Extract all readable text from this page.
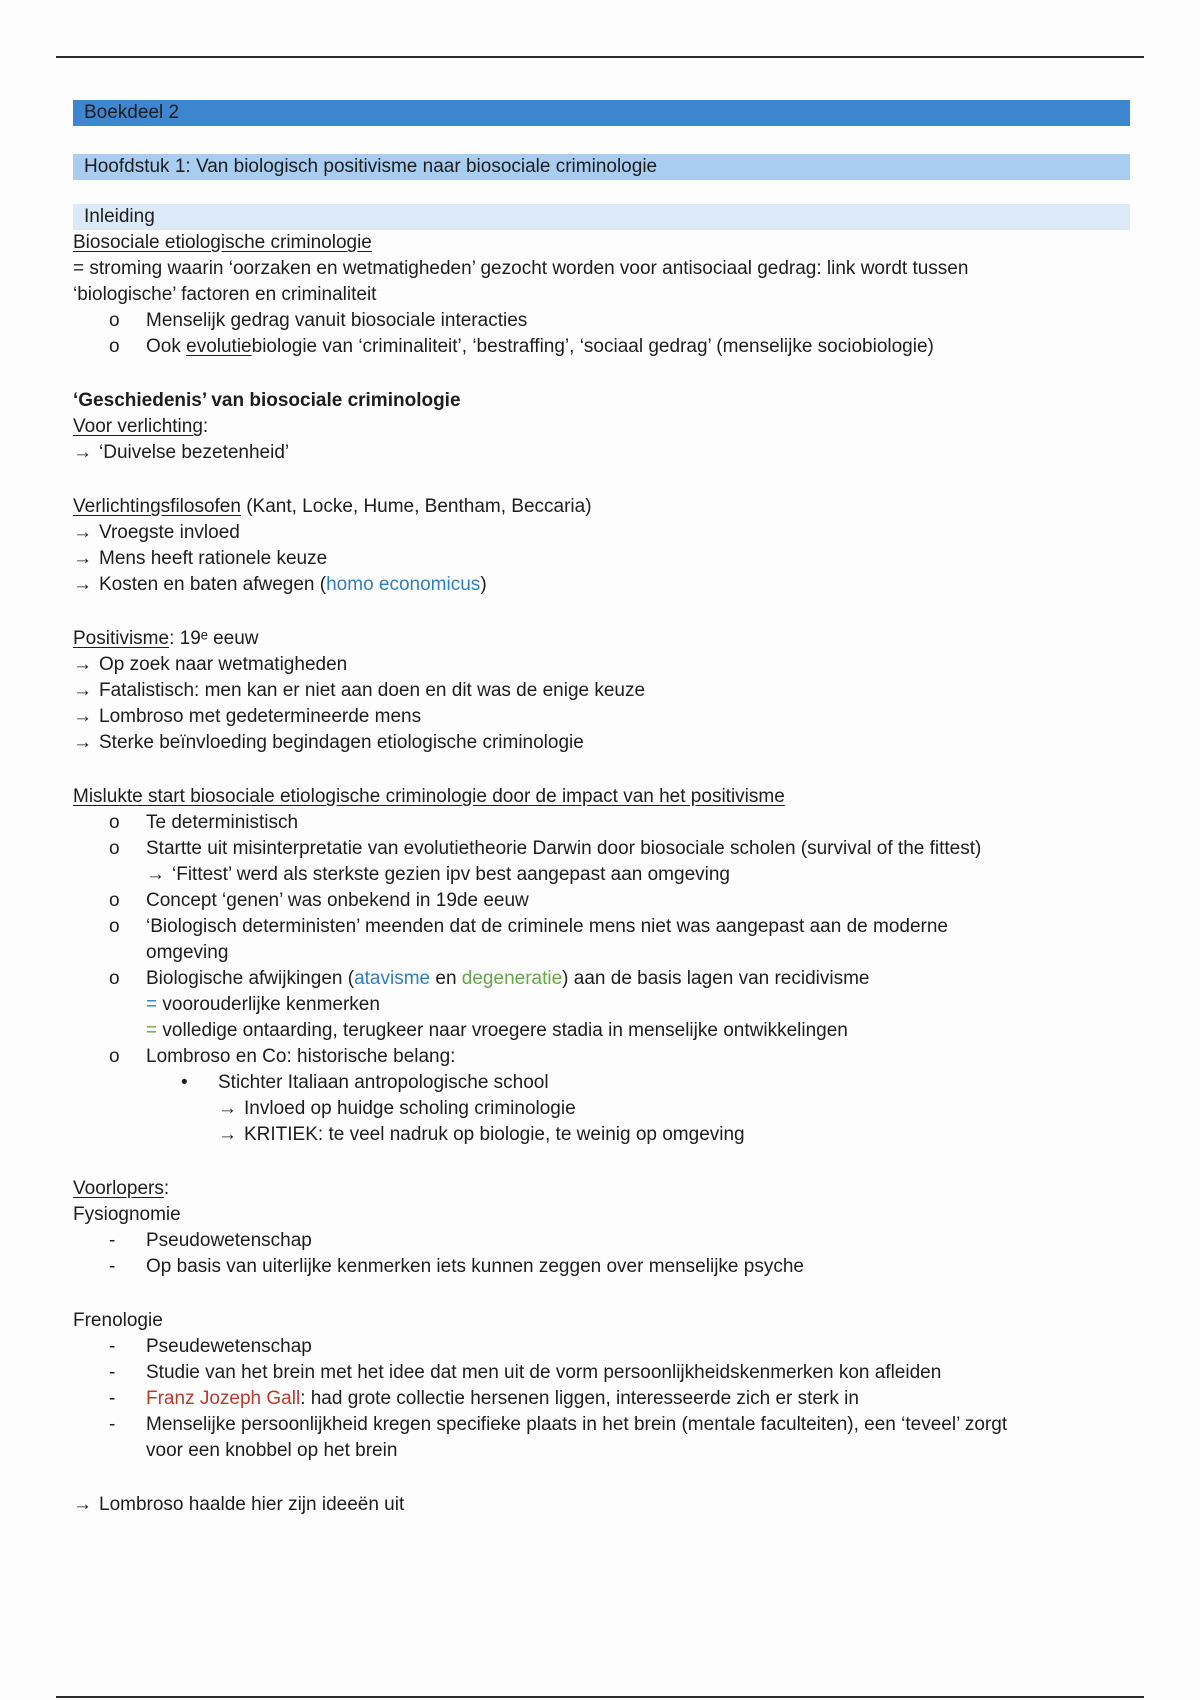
Boekdeel 2
Hoofdstuk 1: Van biologisch positivisme naar biosociale criminologie
Inleiding
Biosociale etiologische criminologie
= stroming waarin ‘oorzaken en wetmatigheden’ gezocht worden voor antisociaal gedrag: link wordt tussen
‘biologische’ factoren en criminaliteit
o	Menselijk gedrag vanuit biosociale interacties
o	Ook evolutiebiologie van ‘criminaliteit’, ‘bestraffing’, ‘sociaal gedrag’ (menselijke sociobiologie)
‘Geschiedenis’ van biosociale criminologie
Voor verlichting:
→ ‘Duivelse bezetenheid’
Verlichtingsfilosofen (Kant, Locke, Hume, Bentham, Beccaria)
→ Vroegste invloed
→ Mens heeft rationele keuze
→ Kosten en baten afwegen (homo economicus)
Positivisme: 19ᵉ eeuw
→ Op zoek naar wetmatigheden
→ Fatalistisch: men kan er niet aan doen en dit was de enige keuze
→ Lombroso met gedetermineerde mens
→ Sterke beïnvloeding begindagen etiologische criminologie
Mislukte start biosociale etiologische criminologie door de impact van het positivisme
o	Te deterministisch
o	Startte uit misinterpretatie van evolutietheorie Darwin door biosociale scholen (survival of the fittest)
→ ‘Fittest’ werd als sterkste gezien ipv best aangepast aan omgeving
o	Concept ‘genen’ was onbekend in 19de eeuw
o	‘Biologisch deterministen’ meenden dat de criminele mens niet was aangepast aan de moderne
omgeving
o	Biologische afwijkingen (atavisme en degeneratie) aan de basis lagen van recidivisme
= voorouderlijke kenmerken
= volledige ontaarding, terugkeer naar vroegere stadia in menselijke ontwikkelingen
o	Lombroso en Co: historische belang:
• Stichter Italiaan antropologische school
→ Invloed op huidge scholing criminologie
→ KRITIEK: te veel nadruk op biologie, te weinig op omgeving
Voorlopers:
Fysiognomie
-	Pseudowetenschap
-	Op basis van uiterlijke kenmerken iets kunnen zeggen over menselijke psyche
Frenologie
-	Pseudewetenschap
-	Studie van het brein met het idee dat men uit de vorm persoonlijkheidskenmerken kon afleiden
-	Franz Jozeph Gall: had grote collectie hersenen liggen, interesseerde zich er sterk in
-	Menselijke persoonlijkheid kregen specifieke plaats in het brein (mentale faculteiten), een ‘teveel’ zorgt
voor een knobbel op het brein
→ Lombroso haalde hier zijn ideeën uit
